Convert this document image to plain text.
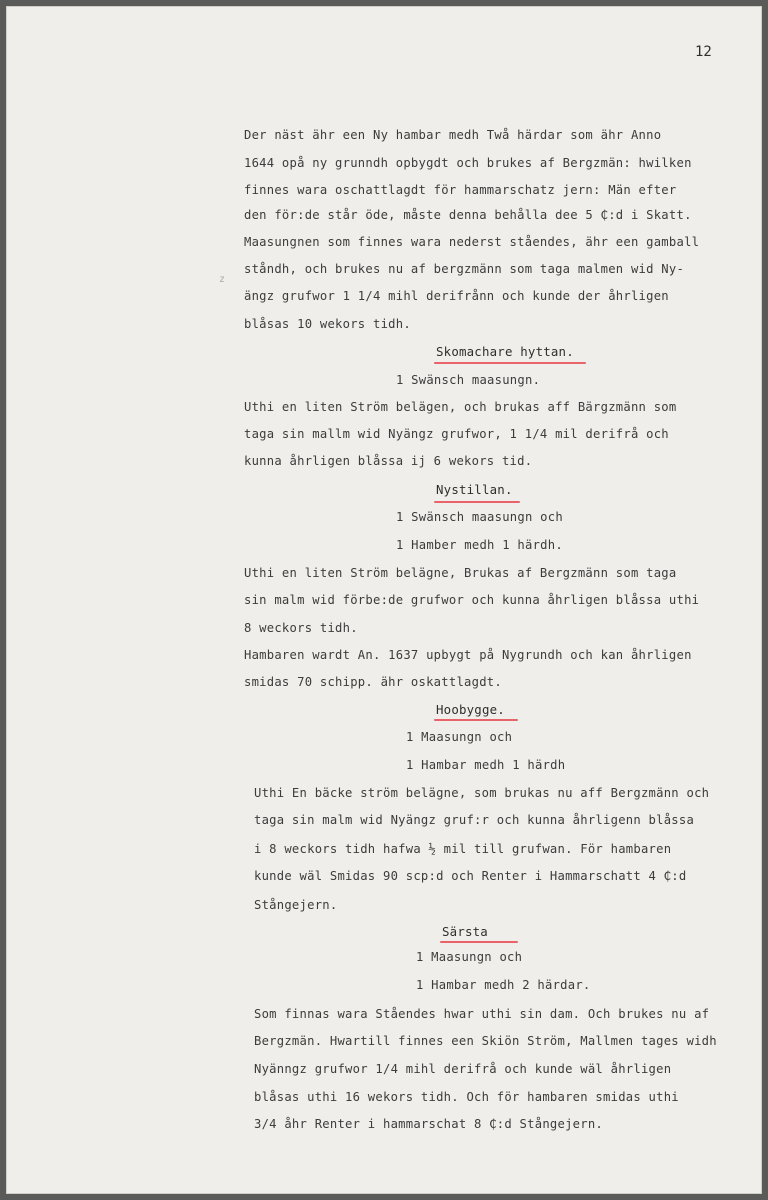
12
z
Der näst ähr een Ny hambar medh Twå härdar som ähr Anno
1644 opå ny grunndh opbygdt och brukes af Bergzmän: hwilken
finnes wara oschattlagdt för hammarschatz jern: Män efter
den för:de står öde, måste denna behålla dee 5 ₵:d i Skatt.
Maasungnen som finnes wara nederst ståendes, ähr een gamball
ståndh, och brukes nu af bergzmänn som taga malmen wid Ny-
ängz grufwor 1 1/4 mihl derifrånn och kunde der åhrligen
blåsas 10 wekors tidh.
Skomachare hyttan.
1 Swänsch maasungn.
Uthi en liten Ström belägen, och brukas aff Bärgzmänn som
taga sin mallm wid Nyängz grufwor, 1 1/4 mil derifrå och
kunna åhrligen blåssa ij 6 wekors tid.
Nystillan.
1 Swänsch maasungn och
1 Hamber medh 1 härdh.
Uthi en liten Ström belägne, Brukas af Bergzmänn som taga
sin malm wid förbe:de grufwor och kunna åhrligen blåssa uthi
8 weckors tidh.
Hambaren wardt An. 1637 upbygt på Nygrundh och kan åhrligen
smidas 70 schipp. ähr oskattlagdt.
Hoobygge.
1 Maasungn och
1 Hambar medh 1 härdh
Uthi En bäcke ström belägne, som brukas nu aff Bergzmänn och
taga sin malm wid Nyängz gruf:r och kunna åhrligenn blåssa
i 8 weckors tidh hafwa ½ mil till grufwan. För hambaren
kunde wäl Smidas 90 scp:d och Renter i Hammarschatt 4 ₵:d
Stångejern.
Särsta
1 Maasungn och
1 Hambar medh 2 härdar.
Som finnas wara Ståendes hwar uthi sin dam. Och brukes nu af
Bergzmän. Hwartill finnes een Skiön Ström, Mallmen tages widh
Nyänngz grufwor 1/4 mihl derifrå och kunde wäl åhrligen
blåsas uthi 16 wekors tidh. Och för hambaren smidas uthi
3/4 åhr Renter i hammarschat 8 ₵:d Stångejern.
